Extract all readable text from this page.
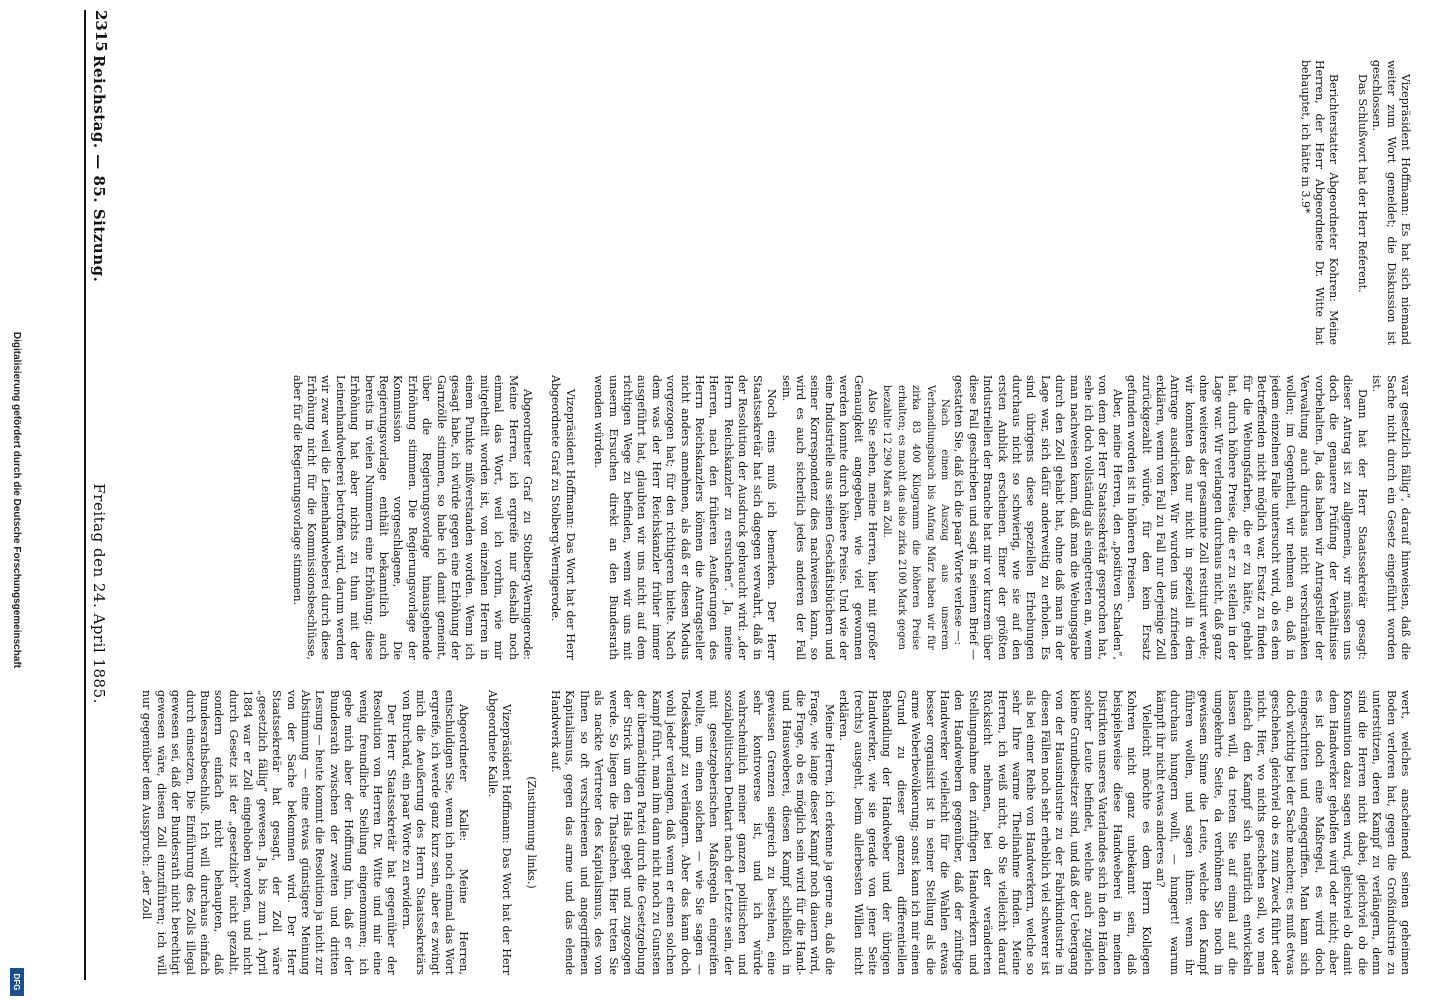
Reichstag. — 85. Sitzung.
Freitag den 24. April 1885.
2315

wert, welches anscheinend seinen geheimen Boden verloren hat, gegen die Großindustrie zu unterstützen, deren Kampf zu verlängern, denn sind die Herren nicht dabei, gleichviel ob die Konsumtion dazu sagen wird, gleichviel ob damit dem Handwerker geholfen wird oder nicht; aber es ist doch eine Maßregel, es wird doch eingeschritten und eingegriffen. Man kann sich doch wichtig bei der Sache machen; es muß etwas geschehen, gleichviel ob es zum Zweck führt oder nicht. Hier, wo nichts geschehen soll, wo man einfach den Kampf sich natürlich entwickeln lassen will, da treten Sie auf einmal auf die umgekehrte Seite, da verhöhnen Sie noch in gewissem Sinne die Leute, welche den Kampf führen wollen, und sagen ihnen: wenn ihr durchaus hungern wollt, — hungert! warum kämpft ihr nicht etwas anderes an?

Vielleicht möchte es dem Herrn Kollegen Kohren nicht ganz unbekannt sein, daß beispielsweise diese Handweberei in meinen Distrikten unseres Vaterlandes sich in den Händen solcher Leute befindet, welche auch zugleich kleine Grundbesitzer sind, und daß der Uebergang von der Hausindustrie zu der Fabrikindustrie in diesen Fällen noch sehr erheblich viel schwerer ist als bei einer Reihe von Handwerkern, welche so sehr Ihre warme Theilnahme finden. Meine Herren, ich weiß nicht, ob Sie vielleicht darauf Rücksicht nehmen, bei der veränderten Stellungnahme den zünftigen Handwerkern und den Handwebern gegenüber, daß der zünftige Handwerker vielleicht für die Wahlen etwas besser organisirt ist in seiner Stellung als die arme Weberbevölkerung; sonst kann ich mir einen Grund zu dieser ganzen differentiellen Behandlung der Handweber und der übrigen Handwerker, wie sie gerade von jener Seite (rechts) ausgeht, beim allerbesten Willen nicht erklären.

Meine Herren, ich erkenne ja gerne an, daß die Frage, wie lange dieser Kampf noch dauern wird, die Frage, ob es möglich sein wird für die Hand- und Hausweberei, diesen Kampf schließlich in gewissen Grenzen siegreich zu bestehen, eine sehr kontroverse ist, und ich würde wahrscheinlich meiner ganzen politischen und sozialpolitischen Denkart nach der Letzte sein, der mit gesetzgeberischen Maßregeln eingreifen wollte, um einen solchen — wie Sie sagen — Todeskampf zu verlängern. Aber das kann doch wohl jeder verlangen, daß wenn er einen solchen Kampf führt, man ihm dann nicht noch zu Gunsten der übermächtigen Partei durch die Gesetzgebung der Strick um den Hals gelegt und zugezogen werde. So liegen die Thatsachen. Hier treten Sie als nackte Vertreter des Kapitalismus, des von Ihnen so oft verschrieenen und angegriffenen Kapitalismus, gegen das arme und das elende Handwerk auf.

(Zustimmung links.)

Vizepräsident Hoffmann: Das Wort hat der Herr Abgeordnete Kalle.

Abgeordneter Kalle: Meine Herren, entschuldigen Sie, wenn ich noch einmal das Wort ergreife, ich werde ganz kurz sein, aber es zwingt mich die Aeußerung des Herrn Staatssekretärs von Burchard, ein paar Worte zu erwidern.

Der Herr Staatssekretär hat gegenüber der Resolution von Herren Dr. Witte und mir eine wenig freundliche Stellung eingenommen; ich gebe mich aber der Hoffnung hin, daß er der Bundesrath zwischen der zweiten und dritten Lesung — heute kommt die Resolution ja nicht zur Abstimmung — eine etwas günstigere Meinung von der Sache bekommen wird. Der Herr Staatssekretär hat gesagt, der Zoll wäre „gesetzlich fällig“ gewesen. Ja, bis zum 1. April 1884 war er Zoll eingehoben worden, und nicht durch Gesetz ist der „gesetzlich“ nicht gezahlt, sondern einfach nicht behaupten, daß Bundesrathsbeschluß. Ich will durchaus einfach durch einsetzen, Die Einführung des Zolls illegal gewesen sei, daß der Bundesrath nicht berechtigt gewesen wäre, diesen Zoll einzuführen; ich will nur gegenüber dem Ausspruch: „der Zoll

war gesetzlich fällig“, darauf hinweisen, daß die Sache nicht durch ein Gesetz eingeführt worden ist.

Dann hat der Herr Staatssekretär gesagt: dieser Antrag ist zu allgemein, wir müssen uns doch die genauere Prüfung der Verhältnisse vorbehalten. Ja, das haben wir Antragsteller der Verwaltung auch durchaus nicht verschränken wollen; im Gegentheil, wir nehmen an, daß in jedem einzelnen Falle untersucht wird, ob es dem Betreffenden nicht möglich war, Ersatz zu finden für die Webungsfarben, die er zu hätte, gehabt hat, durch höhere Preise, die er zu stellen in der Lage war. Wir verlangen durchaus nicht, daß ganz ohne weiteres der gesammte Zoll restituirt werde; wir konnten das nur nicht in speziell in dem Antrage ausdrücken. Wir wurden uns zufrieden erklären, wenn von Fall zu Fall nur derjenige Zoll zurückgezahlt würde, für den kein Ersatz gefunden worden ist in höheren Preisen.

Aber, meine Herren, den „positiven Schaden“, von dem der Herr Staatssekretär gesprochen hat, sehe ich doch vollständig als eingetreten an, wenn man nachweisen kann, daß man die Webungsgabe durch den Zoll gehabt hat, ohne daß man in der Lage war, sich dafür anderweitig zu erholen. Es sind übrigens diese speziellen Erhebungen durchaus nicht so schwierig, wie sie auf den ersten Anblick erscheinen. Einer der größten Industriellen der Branche hat mir vor kurzem über diese Fall geschrieben und sagt in seinem Brief — gestatten Sie, daß ich die paar Worte verlese —:

Nach einem Auszug aus unserem Verhandlungsbuch bis Anfang März haben wir für zirka 83 400 Kilogramm die höheren Preise erhalten; es macht das also zirka 2100 Mark gegen bezahlte 12 290 Mark an Zoll.

Also Sie sehen, meine Herren, hier mit großer Genauigkeit angegeben, wie viel gewonnen werden konnte durch höhere Preise. Und wie der eine Industrielle aus seinen Geschäftsbüchern und seiner Korrespondenz dies nachweisen kann, so wird es auch sicherlich jedes anderen der Fall sein.

Noch eins muß ich bemerken. Der Herr Staatssekretär hat sich dagegen verwahrt, daß in der Resolution der Ausdruck gebraucht wird: „der Herrn Reichskanzler zu ersuchen“. Ja, meine Herren, nach den früheren Aeußerungen des Herrn Reichskanzlers können die Antragsteller nicht anders annehmen, als daß er diesen Modus vorgezogen hat; für den richtigeren hielte. Nach dem was der Herr Reichskanzler früher immer ausgeführt hat, glaubten wir uns nicht auf dem richtigen Wege zu befinden, wenn wir uns mit unserm Ersuchen direkt an den Bundesrath wenden würden.

Vizepräsident Hoffmann: Das Wort hat der Herr Abgeordnete Graf zu Stolberg-Wernigerode.

Abgeordneter Graf zu Stolberg-Wernigerode: Meine Herren, ich ergreife nur deshalb noch einmal das Wort, weil ich vorhin, wie mir mitgetheilt worden ist, von einzelnen Herren in einem Punkte mißverstanden worden. Wenn ich gesagt habe, ich würde gegen eine Erhöhung der Garnzölle stimmen, so habe ich damit gemeint, über die Regierungsvorlage hinausgehende Erhöhung stimmen. Die Regierungsvorlage der Kommission vorgeschlagene, Die Regierungsvorlage enthält bekanntlich auch bereits in vielen Nummern eine Erhöhung; diese Erhöhung hat aber nichts zu thun mit der Leinenhandweberei betroffen wird, darum werden wir zwar weil die Leinenhandweberei durch diese Erhöhung nicht für die Kommissionsbeschlüsse, aber für die Regierungsvorlage stimmen.

Vizepräsident Hoffmann: Es hat sich niemand weiter zum Wort gemeldet; die Diskussion ist geschlossen.

Das Schlußwort hat der Herr Referent.

Berichterstatter Abgeordneter Kohren: Meine Herren, der Herr Abgeordnete Dr. Witte hat behauptet, ich hätte in 3.9*

Digitalisierung gefördert durch die Deutsche Forschungsgemeinschaft
DFG
